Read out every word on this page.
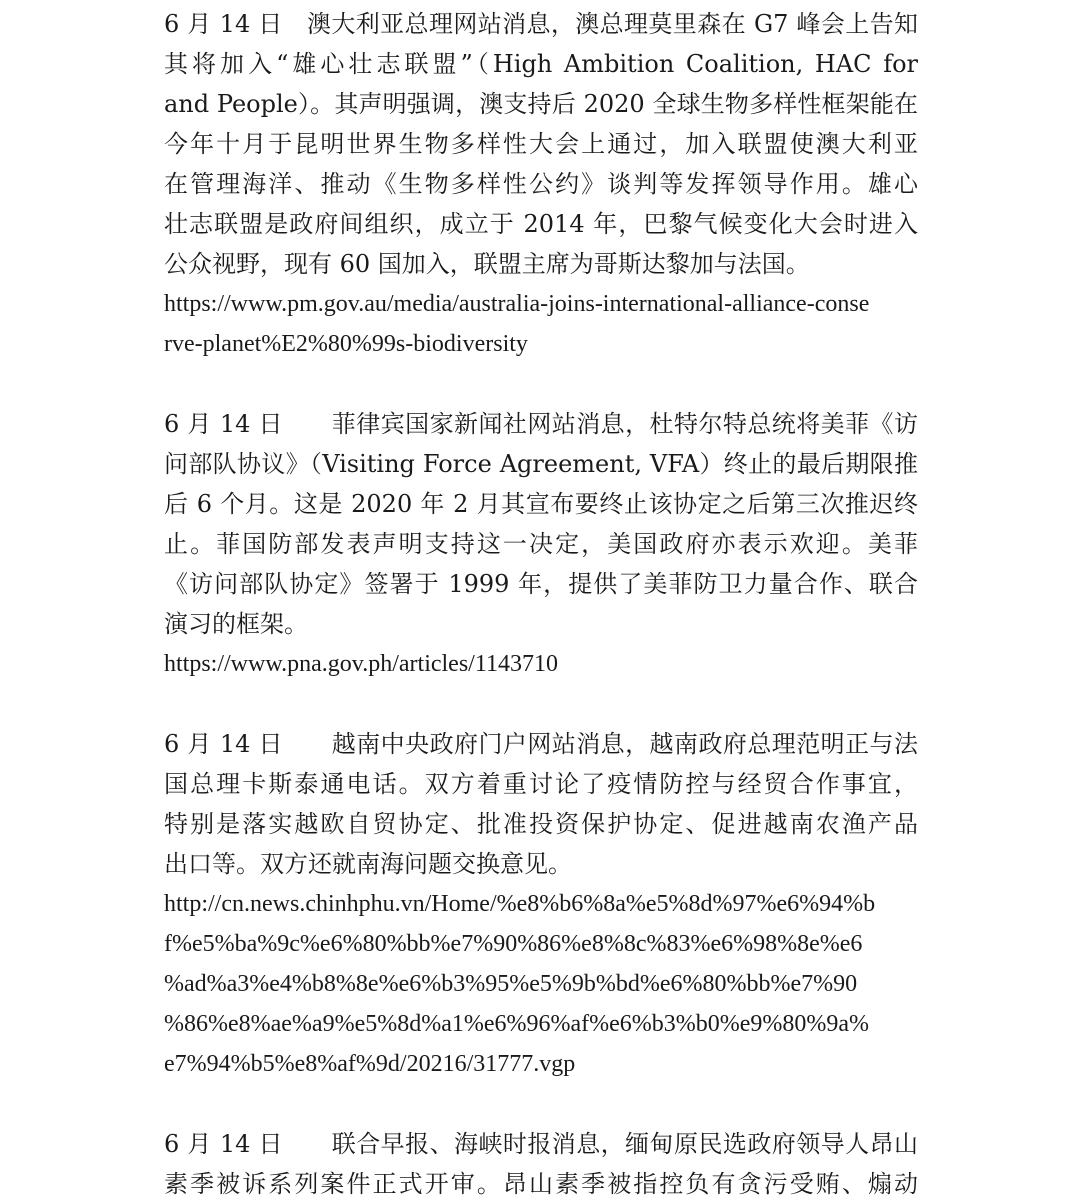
6 月 14 日　澳大利亚总理网站消息，澳总理莫里森在 G7 峰会上告知
其将加入“雄心壮志联盟”（High Ambition Coalition, HAC for
and People）。其声明强调，澳支持后 2020 全球生物多样性框架能在
今年十月于昆明世界生物多样性大会上通过，加入联盟使澳大利亚
在管理海洋、推动《生物多样性公约》谈判等发挥领导作用。雄心
壮志联盟是政府间组织，成立于 2014 年，巴黎气候变化大会时进入
公众视野，现有 60 国加入，联盟主席为哥斯达黎加与法国。
https://www.pm.gov.au/media/australia-joins-international-alliance-conse
rve-planet%E2%80%99s-biodiversity
6 月 14 日　　菲律宾国家新闻社网站消息，杜特尔特总统将美菲《访
问部队协议》（Visiting Force Agreement, VFA）终止的最后期限推
后 6 个月。这是 2020 年 2 月其宣布要终止该协定之后第三次推迟终
止。菲国防部发表声明支持这一决定，美国政府亦表示欢迎。美菲
《访问部队协定》签署于 1999 年，提供了美菲防卫力量合作、联合
演习的框架。
https://www.pna.gov.ph/articles/1143710
6 月 14 日　　越南中央政府门户网站消息，越南政府总理范明正与法
国总理卡斯泰通电话。双方着重讨论了疫情防控与经贸合作事宜，
特别是落实越欧自贸协定、批准投资保护协定、促进越南农渔产品
出口等。双方还就南海问题交换意见。
http://cn.news.chinhphu.vn/Home/%e8%b6%8a%e5%8d%97%e6%94%b
f%e5%ba%9c%e6%80%bb%e7%90%86%e8%8c%83%e6%98%8e%e6
%ad%a3%e4%b8%8e%e6%b3%95%e5%9b%bd%e6%80%bb%e7%90
%86%e8%ae%a9%e5%8d%a1%e6%96%af%e6%b3%b0%e9%80%9a%
e7%94%b5%e8%af%9d/20216/31777.vgp
6 月 14 日　　联合早报、海峡时报消息，缅甸原民选政府领导人昂山
素季被诉系列案件正式开审。昂山素季被指控负有贪污受贿、煽动
